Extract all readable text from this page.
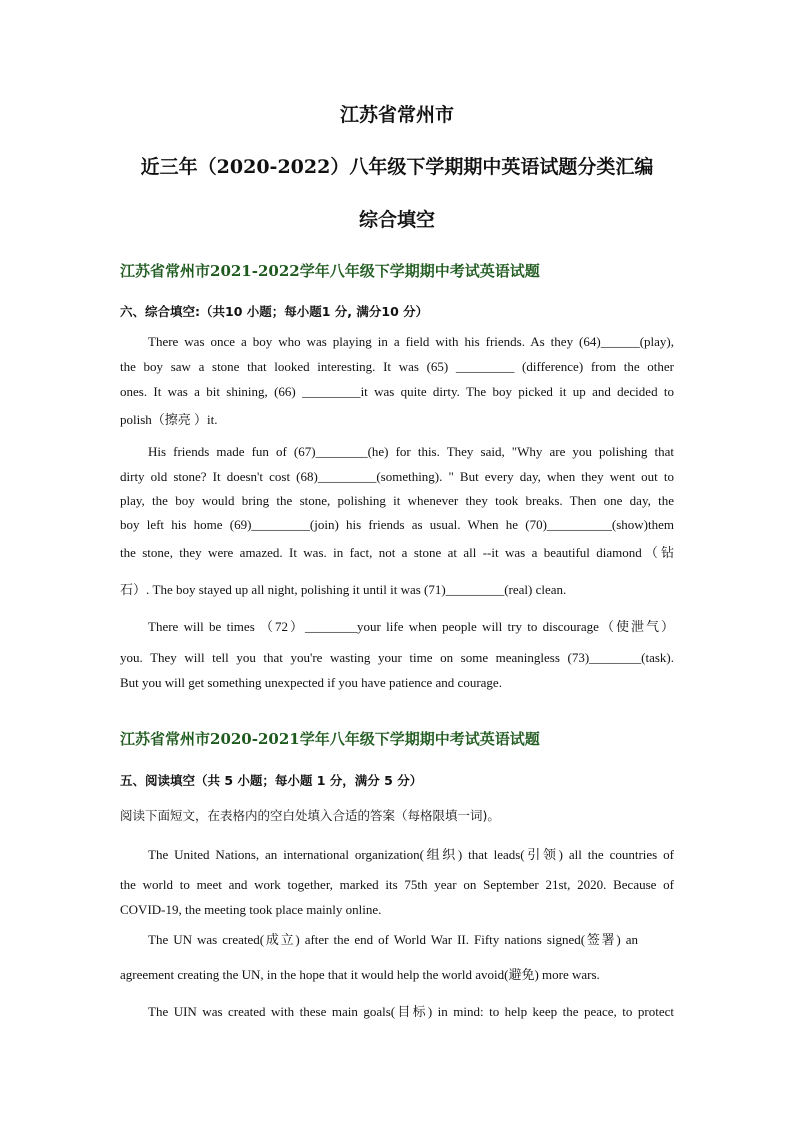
江苏省常州市
近三年（2020-2022）八年级下学期期中英语试题分类汇编
综合填空
江苏省常州市2021-2022学年八年级下学期期中考试英语试题
六、综合填空:（共10 小题；每小题1 分, 满分10 分）
There was once a boy who was playing in a field with his friends. As they (64)______(play),
the boy saw a stone that looked interesting. It was (65) _________ (difference) from the other
ones. It was a bit shining, (66) _________it was quite dirty. The boy picked it up and decided to
polish（擦亮 ）it.
His friends made fun of (67)________(he) for this. They said, "Why are you polishing that
dirty old stone? It doesn't cost (68)_________(something). " But every day, when they went out to
play, the boy would bring the stone, polishing it whenever they took breaks. Then one day, the
boy left his home (69)_________(join) his friends as usual. When he (70)__________(show)them
the stone, they were amazed. It was. in fact, not a stone at all --it was a beautiful diamond（钻
石）. The boy stayed up all night, polishing it until it was (71)_________(real) clean.
There will be times （72）________your life when people will try to discourage（使泄气）
you. They will tell you that you're wasting your time on some meaningless (73)________(task).
But you will get something unexpected if you have patience and courage.
江苏省常州市2020-2021学年八年级下学期期中考试英语试题
五、阅读填空（共 5 小题；每小题 1 分，满分 5 分）
阅读下面短文，在表格内的空白处填入合适的答案（每格限填一词)。
The United Nations, an international organization(组织) that leads(引领) all the countries of
the world to meet and work together, marked its 75th year on September 21st, 2020. Because of
COVID-19, the meeting took place mainly online.
The UN was created(成立) after the end of World War II. Fifty nations signed(签署) an
agreement creating the UN, in the hope that it would help the world avoid(避免) more wars.
The UIN was created with these main goals(目标) in mind: to help keep the peace, to protect
